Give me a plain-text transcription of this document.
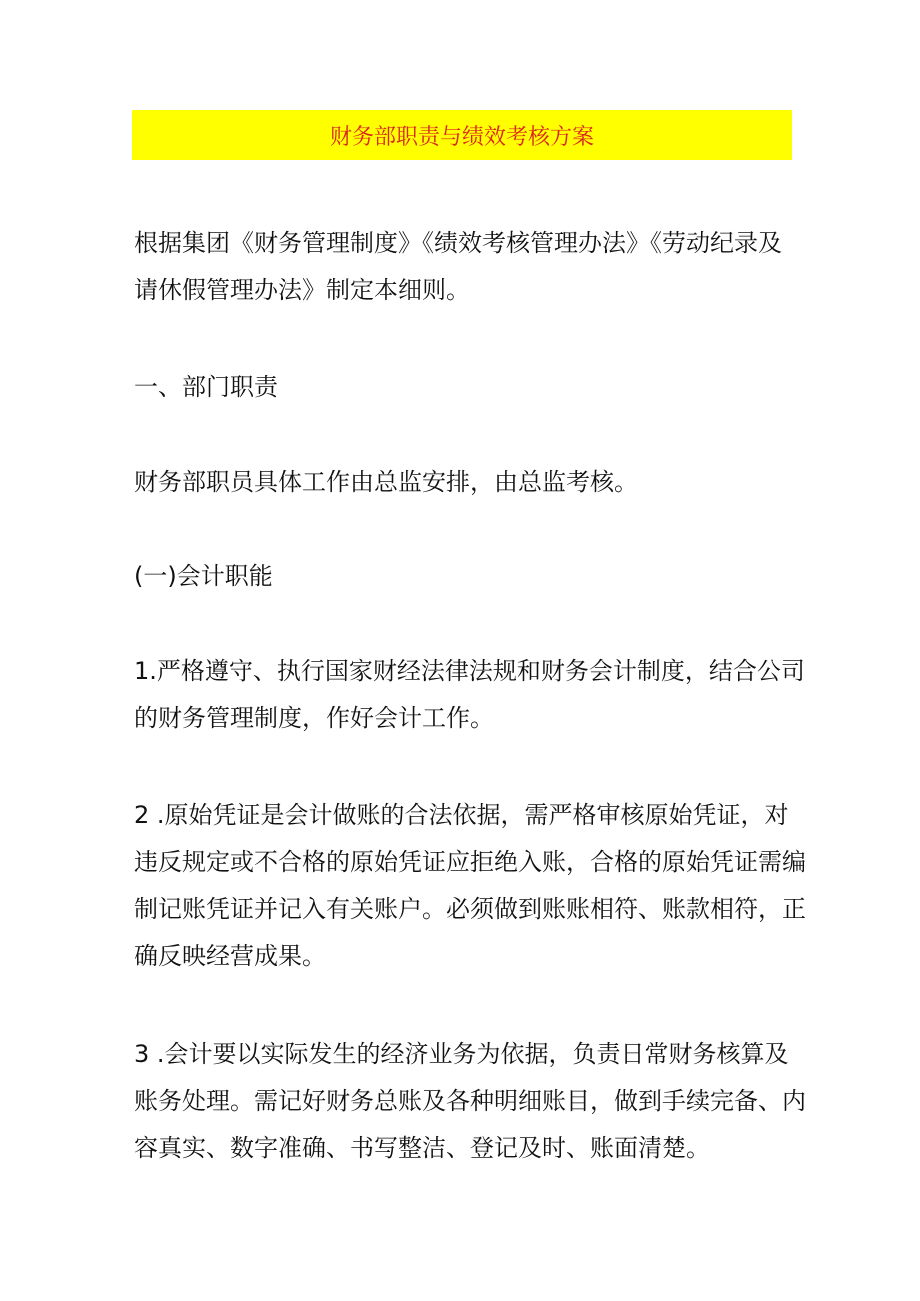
财务部职责与绩效考核方案

根据集团《财务管理制度》《绩效考核管理办法》《劳动纪录及
请休假管理办法》制定本细则。

一、部门职责

财务部职员具体工作由总监安排，由总监考核。

(一)会计职能

1.严格遵守、执行国家财经法律法规和财务会计制度，结合公司
的财务管理制度，作好会计工作。

2 .原始凭证是会计做账的合法依据，需严格审核原始凭证，对
违反规定或不合格的原始凭证应拒绝入账，合格的原始凭证需编
制记账凭证并记入有关账户。必须做到账账相符、账款相符，正
确反映经营成果。

3 .会计要以实际发生的经济业务为依据，负责日常财务核算及
账务处理。需记好财务总账及各种明细账目，做到手续完备、内
容真实、数字准确、书写整洁、登记及时、账面清楚。
